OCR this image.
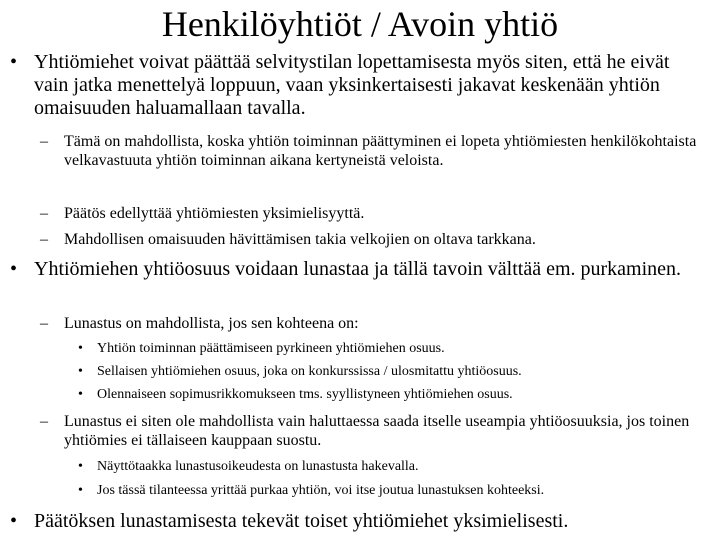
Henkilöyhtiöt / Avoin yhtiö
• Yhtiömiehet voivat päättää selvitystilan lopettamisesta myös siten, että he eivät vain jatka menettelyä loppuun, vaan yksinkertaisesti jakavat keskenään yhtiön omaisuuden haluamallaan tavalla.
– Tämä on mahdollista, koska yhtiön toiminnan päättyminen ei lopeta yhtiömiesten henkilökohtaista velkavastuuta yhtiön toiminnan aikana kertyneistä veloista.
– Päätös edellyttää yhtiömiesten yksimielisyyttä.
– Mahdollisen omaisuuden hävittämisen takia velkojien on oltava tarkkana.
• Yhtiömiehen yhtiöosuus voidaan lunastaa ja tällä tavoin välttää em. purkaminen.
– Lunastus on mahdollista, jos sen kohteena on:
• Yhtiön toiminnan päättämiseen pyrkineen yhtiömiehen osuus.
• Sellaisen yhtiömiehen osuus, joka on konkurssissa / ulosmitattu yhtiöosuus.
• Olennaiseen sopimusrikkomukseen tms. syyllistyneen yhtiömiehen osuus.
– Lunastus ei siten ole mahdollista vain haluttaessa saada itselle useampia yhtiöosuuksia, jos toinen yhtiömies ei tällaiseen kauppaan suostu.
• Näyttötaakka lunastusoikeudesta on lunastusta hakevalla.
• Jos tässä tilanteessa yrittää purkaa yhtiön, voi itse joutua lunastuksen kohteeksi.
• Päätöksen lunastamisesta tekevät toiset yhtiömiehet yksimielisesti.
